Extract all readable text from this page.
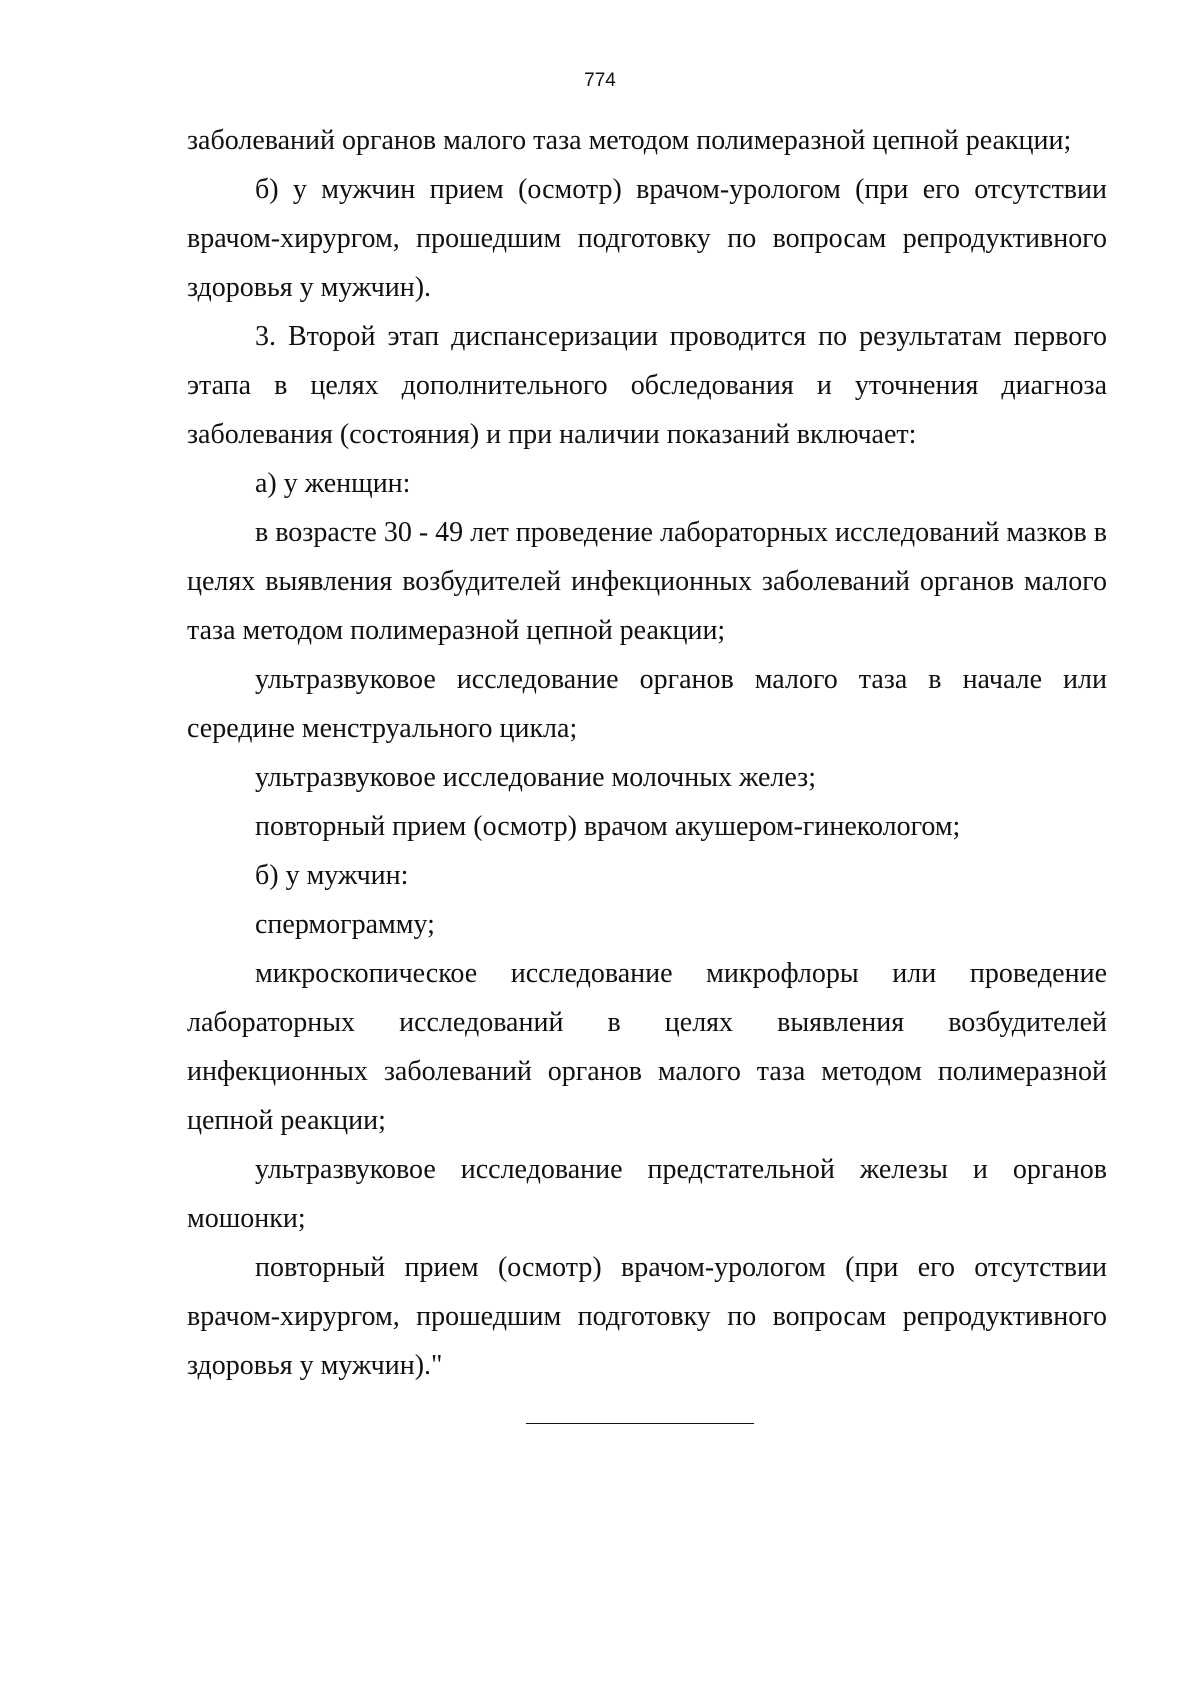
774

заболеваний органов малого таза методом полимеразной цепной реакции;

б) у мужчин прием (осмотр) врачом-урологом (при его отсутствии врачом-хирургом, прошедшим подготовку по вопросам репродуктивного здоровья у мужчин).

3. Второй этап диспансеризации проводится по результатам первого этапа в целях дополнительного обследования и уточнения диагноза заболевания (состояния) и при наличии показаний включает:

а) у женщин:

в возрасте 30 - 49 лет проведение лабораторных исследований мазков в целях выявления возбудителей инфекционных заболеваний органов малого таза методом полимеразной цепной реакции;

ультразвуковое исследование органов малого таза в начале или середине менструального цикла;

ультразвуковое исследование молочных желез;

повторный прием (осмотр) врачом акушером-гинекологом;

б) у мужчин:

спермограмму;

микроскопическое исследование микрофлоры или проведение лабораторных исследований в целях выявления возбудителей инфекционных заболеваний органов малого таза методом полимеразной цепной реакции;

ультразвуковое исследование предстательной железы и органов мошонки;

повторный прием (осмотр) врачом-урологом (при его отсутствии врачом-хирургом, прошедшим подготовку по вопросам репродуктивного здоровья у мужчин)."
